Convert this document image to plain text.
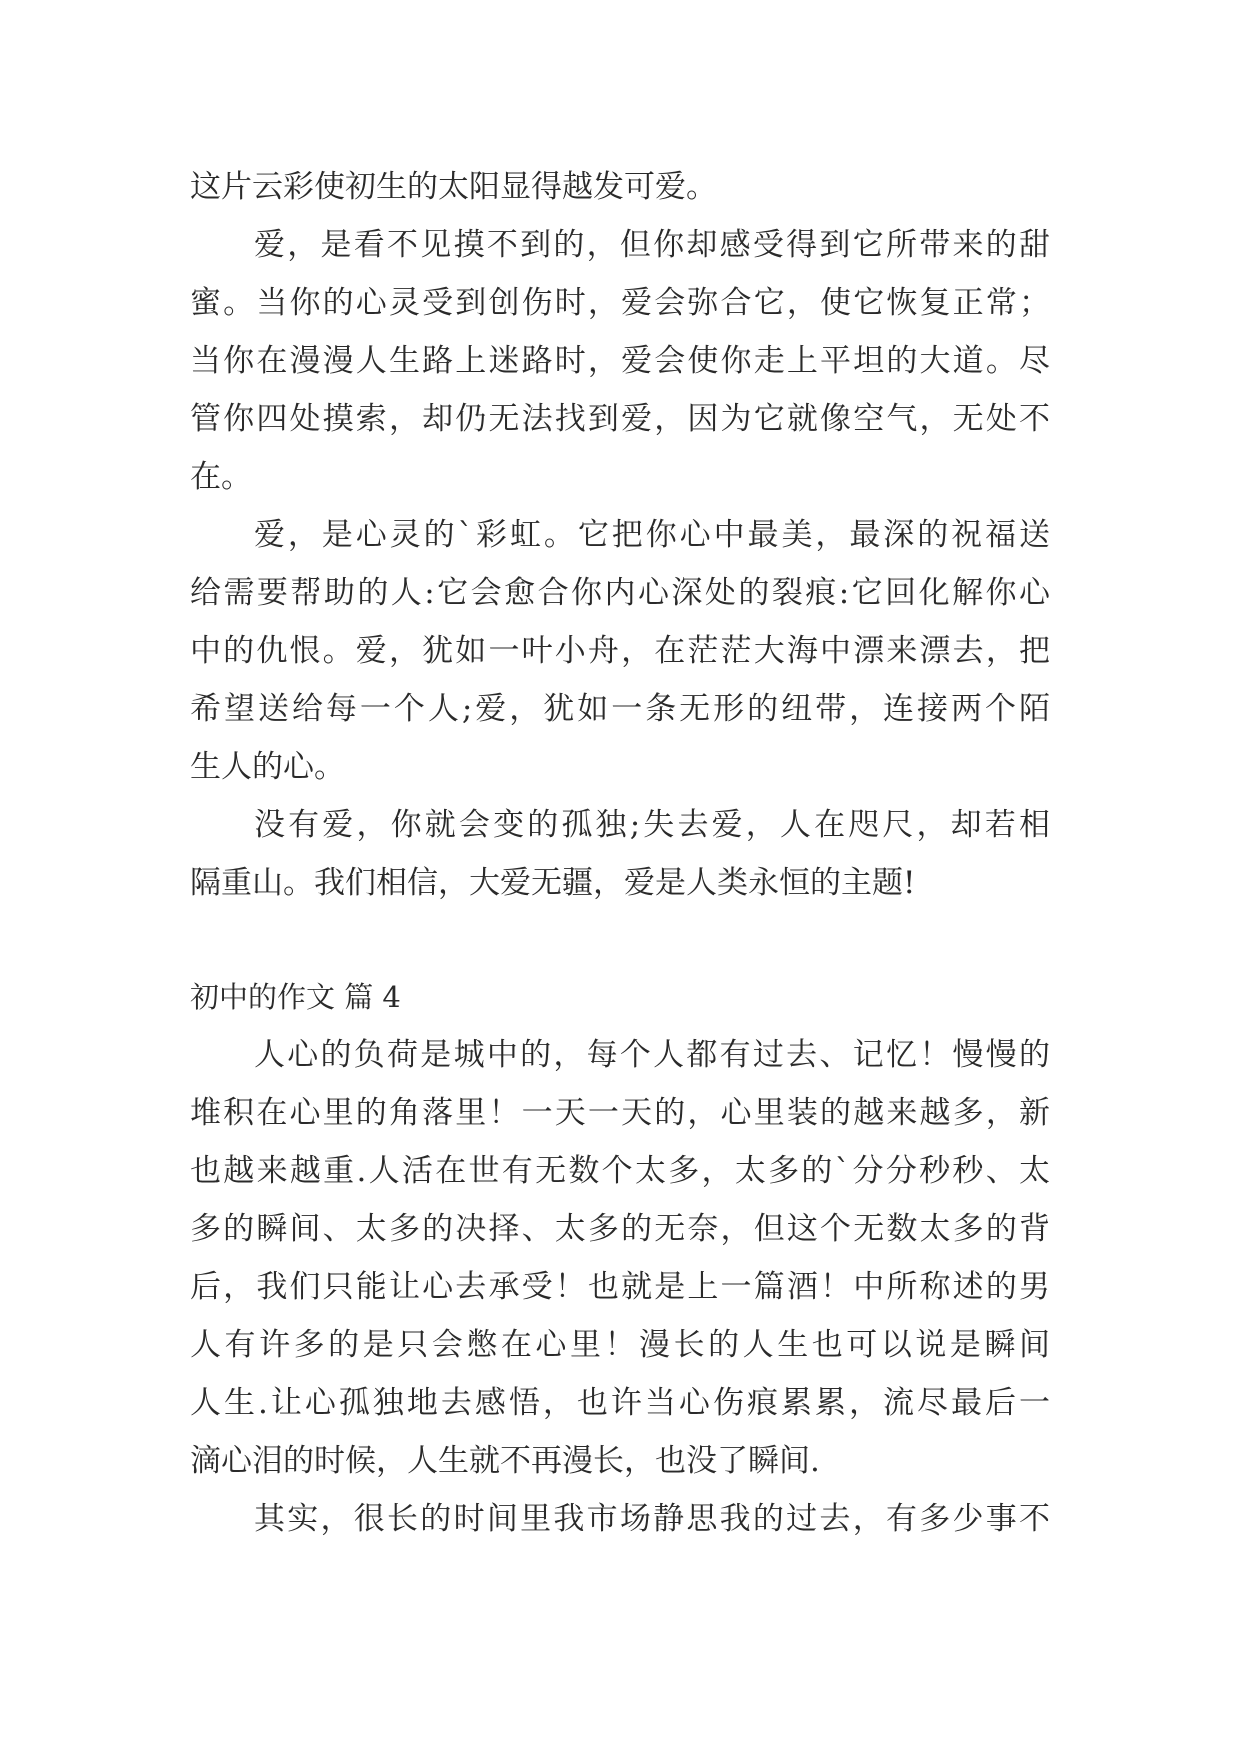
这片云彩使初生的太阳显得越发可爱。
爱，是看不见摸不到的，但你却感受得到它所带来的甜
蜜。当你的心灵受到创伤时，爱会弥合它，使它恢复正常；
当你在漫漫人生路上迷路时，爱会使你走上平坦的大道。尽
管你四处摸索，却仍无法找到爱，因为它就像空气，无处不
在。
爱，是心灵的`彩虹。它把你心中最美，最深的祝福送
给需要帮助的人:它会愈合你内心深处的裂痕:它回化解你心
中的仇恨。爱，犹如一叶小舟，在茫茫大海中漂来漂去，把
希望送给每一个人;爱，犹如一条无形的纽带，连接两个陌
生人的心。
没有爱，你就会变的孤独;失去爱，人在咫尺，却若相
隔重山。我们相信，大爱无疆，爱是人类永恒的主题!
初中的作文 篇 4
人心的负荷是城中的，每个人都有过去、记忆！慢慢的
堆积在心里的角落里！一天一天的，心里装的越来越多，新
也越来越重.人活在世有无数个太多，太多的`分分秒秒、太
多的瞬间、太多的决择、太多的无奈，但这个无数太多的背
后，我们只能让心去承受！也就是上一篇酒！中所称述的男
人有许多的是只会憋在心里！漫长的人生也可以说是瞬间
人生.让心孤独地去感悟，也许当心伤痕累累，流尽最后一
滴心泪的时候，人生就不再漫长，也没了瞬间.
其实，很长的时间里我市场静思我的过去，有多少事不
